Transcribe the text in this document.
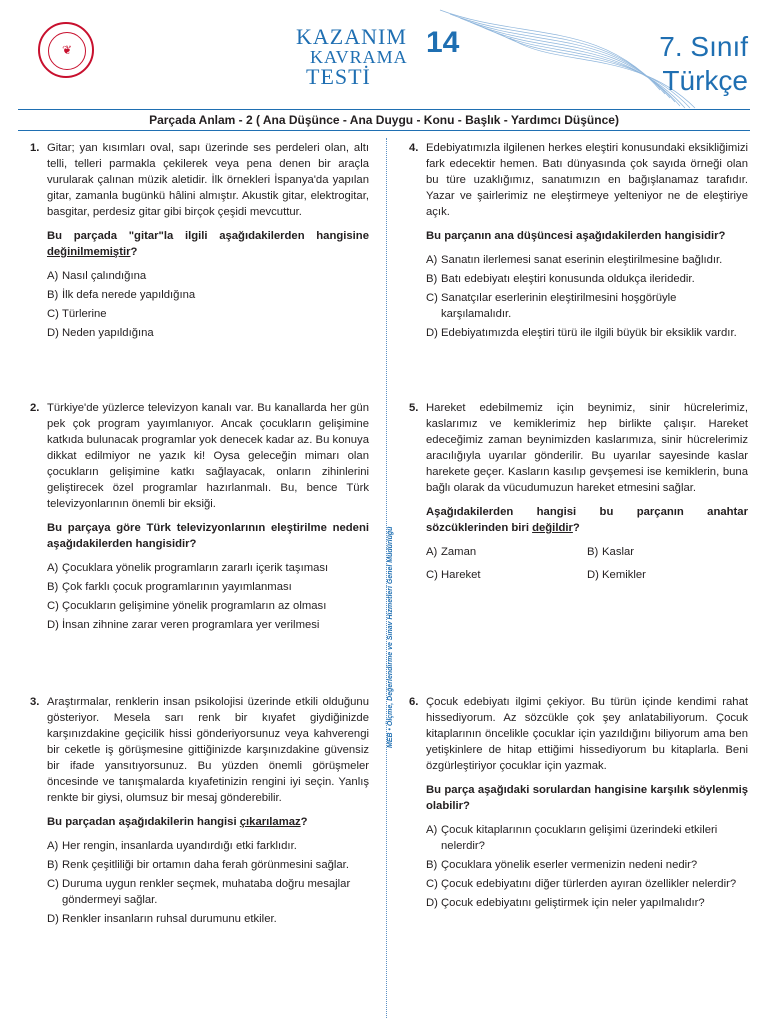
❦
KAZANIM
KAVRAMA
TESTİ
14	7. Sınıf
Türkçe
Parçada Anlam - 2 ( Ana Düşünce - Ana Duygu - Konu - Başlık - Yardımcı Düşünce)
MEB • Ölçme, Değerlendirme ve Sınav Hizmetleri Genel Müdürlüğü
1. Gitar; yan kısımları oval, sapı üzerinde ses perdeleri olan, altı telli, telleri parmakla çekilerek veya pena denen bir araçla vurularak çalınan müzik aletidir. İlk örnekleri İspanya'da yapılan gitar, zamanla bugünkü hâlini almıştır. Akustik gitar, elektrogitar, basgitar, perdesiz gitar gibi birçok çeşidi mevcuttur.

Bu parçada "gitar"la ilgili aşağıdakilerden hangisine değinilmemiştir?

A) Nasıl çalındığına
B) İlk defa nerede yapıldığına
C) Türlerine
D) Neden yapıldığına
2. Türkiye'de yüzlerce televizyon kanalı var. Bu kanallarda her gün pek çok program yayımlanıyor. Ancak çocukların gelişimine katkıda bulunacak programlar yok denecek kadar az. Bu konuya dikkat edilmiyor ne yazık ki! Oysa geleceğin mimarı olan çocukların gelişimine katkı sağlayacak, onların zihinlerini geliştirecek özel programlar hazırlanmalı. Bu, bence Türk televizyonlarının önemli bir eksiği.

Bu parçaya göre Türk televizyonlarının eleştirilme nedeni aşağıdakilerden hangisidir?

A) Çocuklara yönelik programların zararlı içerik taşıması
B) Çok farklı çocuk programlarının yayımlanması
C) Çocukların gelişimine yönelik programların az olması
D) İnsan zihnine zarar veren programlara yer verilmesi
3. Araştırmalar, renklerin insan psikolojisi üzerinde etkili olduğunu gösteriyor. Mesela sarı renk bir kıyafet giydiğinizde karşınızdakine geçicilik hissi gönderiyorsunuz veya kahverengi bir ceketle iş görüşmesine gittiğinizde karşınızdakine güvensiz bir ifade yansıtıyorsunuz. Bu yüzden önemli görüşmeler öncesinde ve tanışmalarda kıyafetinizin rengini iyi seçin. Yanlış renkte bir giysi, olumsuz bir mesaj gönderebilir.

Bu parçadan aşağıdakilerin hangisi çıkarılamaz?

A) Her rengin, insanlarda uyandırdığı etki farklıdır.
B) Renk çeşitliliği bir ortamın daha ferah görünmesini sağlar.
C) Duruma uygun renkler seçmek, muhataba doğru mesajlar göndermeyi sağlar.
D) Renkler insanların ruhsal durumunu etkiler.
4. Edebiyatımızla ilgilenen herkes eleştiri konusundaki eksikliğimizi fark edecektir hemen. Batı dünyasında çok sayıda örneği olan bu türe uzaklığımız, sanatımızın en bağışlanamaz tarafıdır. Yazar ve şairlerimiz ne eleştirmeye yelteniyor ne de eleştiriye açık.

Bu parçanın ana düşüncesi aşağıdakilerden hangisidir?

A) Sanatın ilerlemesi sanat eserinin eleştirilmesine bağlıdır.
B) Batı edebiyatı eleştiri konusunda oldukça ileridedir.
C) Sanatçılar eserlerinin eleştirilmesini hoşgörüyle karşılamalıdır.
D) Edebiyatımızda eleştiri türü ile ilgili büyük bir eksiklik vardır.
5. Hareket edebilmemiz için beynimiz, sinir hücrelerimiz, kaslarımız ve kemiklerimiz hep birlikte çalışır. Hareket edeceğimiz zaman beynimizden kaslarımıza, sinir hücrelerimiz aracılığıyla uyarılar gönderilir. Bu uyarılar sayesinde kaslar harekete geçer. Kasların kasılıp gevşemesi ise kemiklerin, buna bağlı olarak da vücudumuzun hareket etmesini sağlar.

Aşağıdakilerden hangisi bu parçanın anahtar sözcüklerinden biri değildir?

A) Zaman	B) Kaslar
C) Hareket	D) Kemikler
6. Çocuk edebiyatı ilgimi çekiyor. Bu türün içinde kendimi rahat hissediyorum. Az sözcükle çok şey anlatabiliyorum. Çocuk kitaplarının öncelikle çocuklar için yazıldığını biliyorum ama ben yetişkinlere de hitap ettiğimi hissediyorum bu kitaplarla. Beni özgürleştiriyor çocuklar için yazmak.

Bu parça aşağıdaki sorulardan hangisine karşılık söylenmiş olabilir?

A) Çocuk kitaplarının çocukların gelişimi üzerindeki etkileri nelerdir?
B) Çocuklara yönelik eserler vermenizin nedeni nedir?
C) Çocuk edebiyatını diğer türlerden ayıran özellikler nelerdir?
D) Çocuk edebiyatını geliştirmek için neler yapılmalıdır?
